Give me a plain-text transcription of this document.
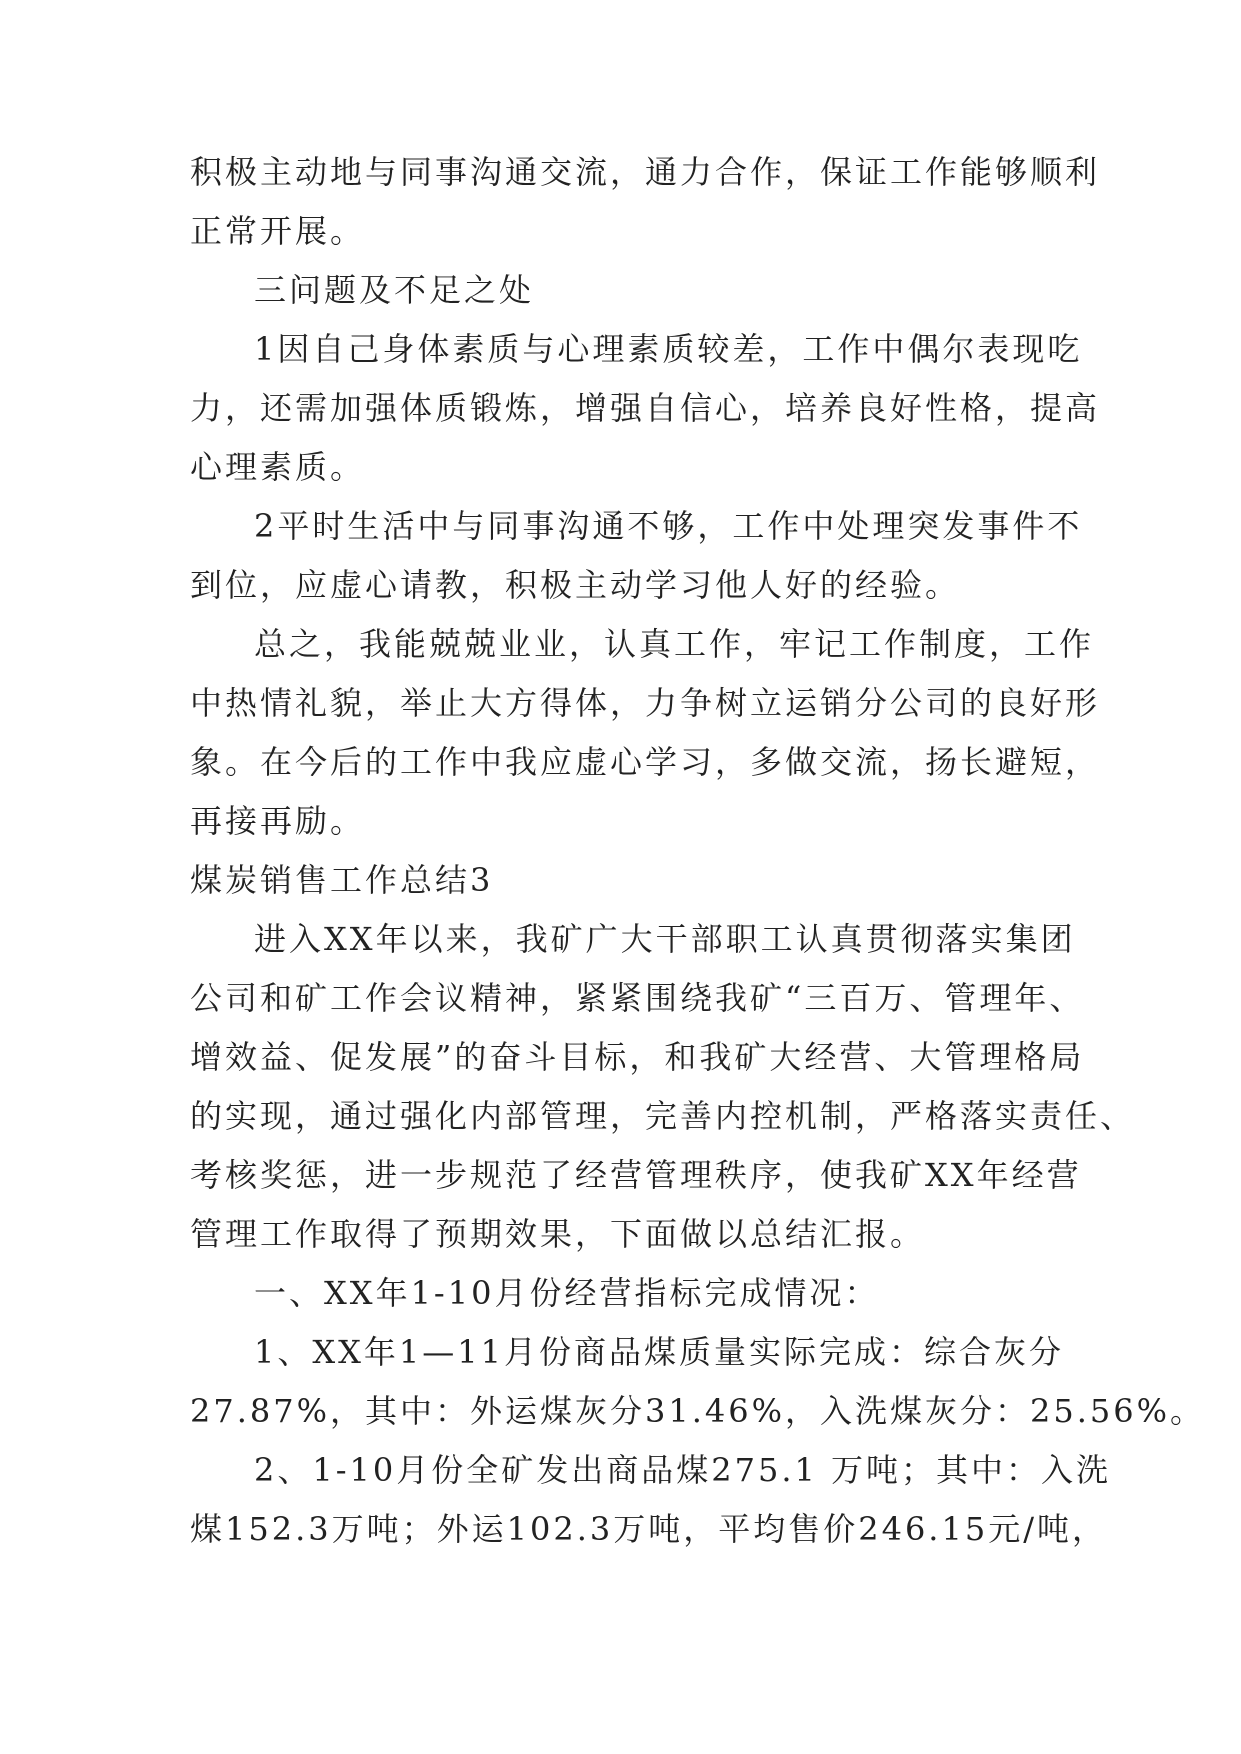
积极主动地与同事沟通交流，通力合作，保证工作能够顺利
正常开展。
三问题及不足之处
1因自己身体素质与心理素质较差，工作中偶尔表现吃
力，还需加强体质锻炼，增强自信心，培养良好性格，提高
心理素质。
2平时生活中与同事沟通不够，工作中处理突发事件不
到位，应虚心请教，积极主动学习他人好的经验。
总之，我能兢兢业业，认真工作，牢记工作制度，工作
中热情礼貌，举止大方得体，力争树立运销分公司的良好形
象。在今后的工作中我应虚心学习，多做交流，扬长避短，
再接再励。
煤炭销售工作总结3
进入XX年以来，我矿广大干部职工认真贯彻落实集团
公司和矿工作会议精神，紧紧围绕我矿“三百万、管理年、
增效益、促发展”的奋斗目标，和我矿大经营、大管理格局
的实现，通过强化内部管理，完善内控机制，严格落实责任、
考核奖惩，进一步规范了经营管理秩序，使我矿XX年经营
管理工作取得了预期效果，下面做以总结汇报。
一、XX年1-10月份经营指标完成情况：
1、XX年1—11月份商品煤质量实际完成：综合灰分
27.87%，其中：外运煤灰分31.46%，入洗煤灰分：25.56%。
2、1-10月份全矿发出商品煤275.1 万吨；其中：入洗
煤152.3万吨；外运102.3万吨，平均售价246.15元/吨，
